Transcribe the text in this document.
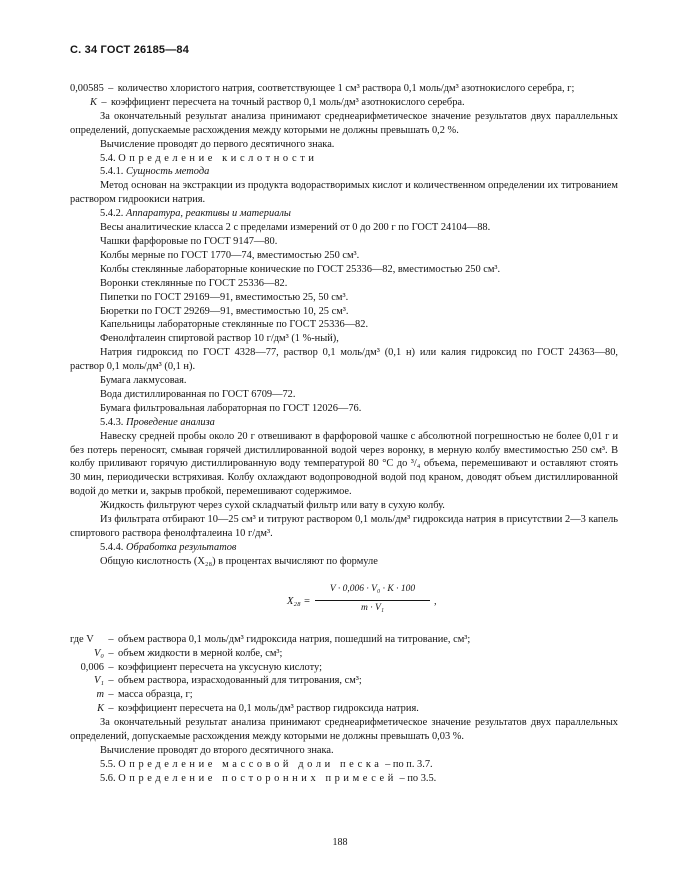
С. 34 ГОСТ 26185—84
0,00585 – количество хлористого натрия, соответствующее 1 см³ раствора 0,1 моль/дм³ азотнокислого серебра, г;
K – коэффициент пересчета на точный раствор 0,1 моль/дм³ азотнокислого серебра.

За окончательный результат анализа принимают среднеарифметическое значение результатов двух параллельных определений, допускаемые расхождения между которыми не должны превышать 0,2 %.

Вычисление проводят до первого десятичного знака.

5.4. Определение кислотности

5.4.1. Сущность метода

Метод основан на экстракции из продукта водорастворимых кислот и количественном определении их титрованием раствором гидроокиси натрия.

5.4.2. Аппаратура, реактивы и материалы

Весы аналитические класса 2 с пределами измерений от 0 до 200 г по ГОСТ 24104—88.

Чашки фарфоровые по ГОСТ 9147—80.

Колбы мерные по ГОСТ 1770—74, вместимостью 250 см³.

Колбы стеклянные лабораторные конические по ГОСТ 25336—82, вместимостью 250 см³.

Воронки стеклянные по ГОСТ 25336—82.

Пипетки по ГОСТ 29169—91, вместимостью 25, 50 см³.

Бюретки по ГОСТ 29269—91, вместимостью 10, 25 см³.

Капельницы лабораторные стеклянные по ГОСТ 25336—82.

Фенолфталеин спиртовой раствор 10 г/дм³ (1 %-ный),

Натрия гидроксид по ГОСТ 4328—77, раствор 0,1 моль/дм³ (0,1 н) или калия гидроксид по ГОСТ 24363—80, раствор 0,1 моль/дм³ (0,1 н).

Бумага лакмусовая.

Вода дистиллированная по ГОСТ 6709—72.

Бумага фильтровальная лабораторная по ГОСТ 12026—76.

5.4.3. Проведение анализа

Навеску средней пробы около 20 г отвешивают в фарфоровой чашке с абсолютной погрешностью не более 0,01 г и без потерь переносят, смывая горячей дистиллированной водой через воронку, в мерную колбу вместимостью 250 см³. В колбу приливают горячую дистиллированную воду температурой 80 °С до ³/₄ объема, перемешивают и оставляют стоять 30 мин, периодически встряхивая. Колбу охлаждают водопроводной водой под краном, доводят объем дистиллированной водой до метки и, закрыв пробкой, перемешивают содержимое.

Жидкость фильтруют через сухой складчатый фильтр или вату в сухую колбу.

Из фильтрата отбирают 10—25 см³ и титруют раствором 0,1 моль/дм³ гидроксида натрия в присутствии 2—3 капель спиртового раствора фенолфталеина 10 г/дм³.

5.4.4. Обработка результатов

Общую кислотность (X₂₈) в процентах вычисляют по формуле

X₂₈ =
V · 0,006 · V₀ · K · 100
m · V₁
,
где V	– объем раствора 0,1 моль/дм³ гидроксида натрия, пошедший на титрование, см³;
V₀ – объем жидкости в мерной колбе, см³;
0,006 – коэффициент пересчета на уксусную кислоту;
V₁ – объем раствора, израсходованный для титрования, см³;
m – масса образца, г;
K – коэффициент пересчета на 0,1 моль/дм³ раствор гидроксида натрия.

За окончательный результат анализа принимают среднеарифметическое значение результатов двух параллельных определений, допускаемые расхождения между которыми не должны превышать 0,03 %.

Вычисление проводят до второго десятичного знака.

5.5. Определение массовой доли песка – по п. 3.7.

5.6. Определение посторонних примесей – по 3.5.

188
